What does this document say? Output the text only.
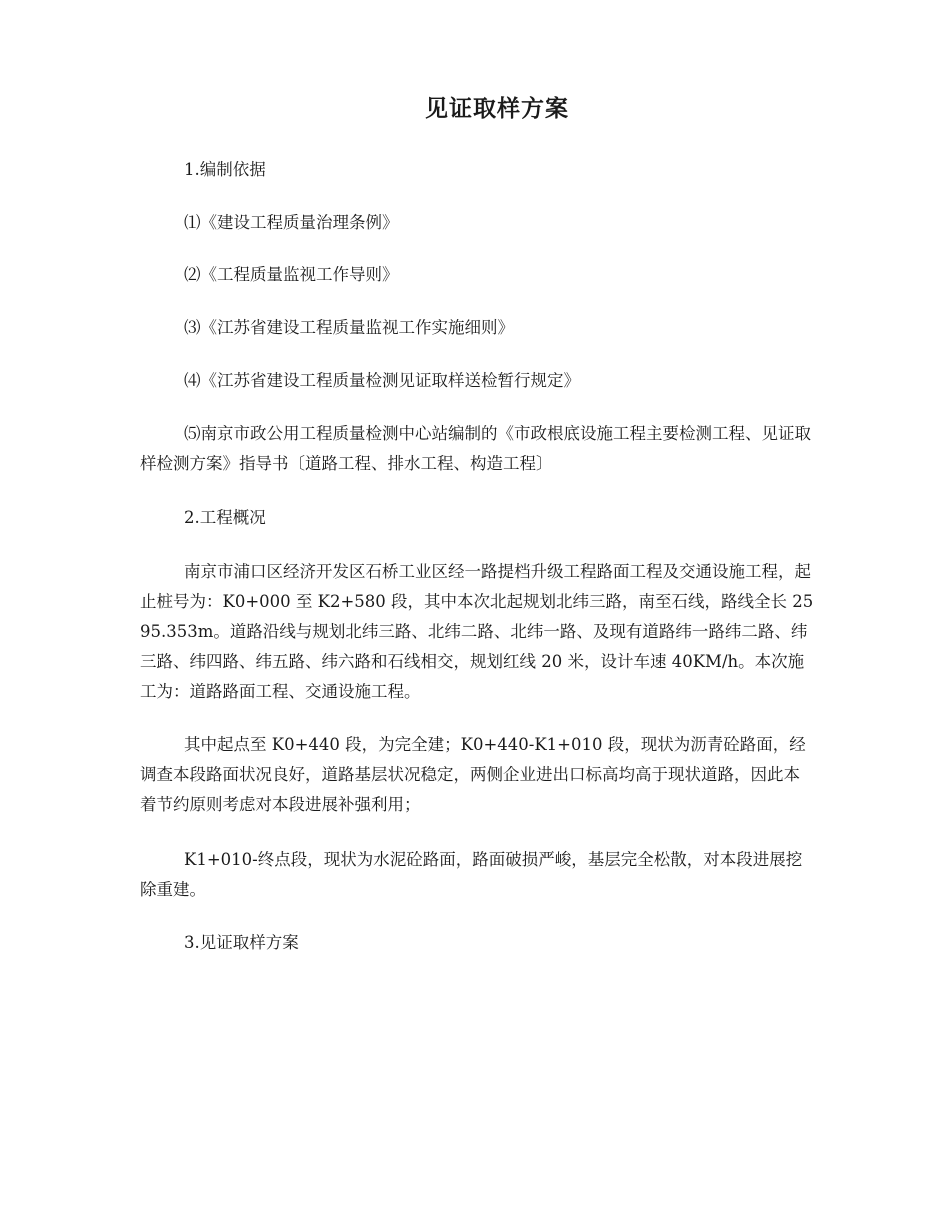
见证取样方案

1.编制依据

⑴《建设工程质量治理条例》

⑵《工程质量监视工作导则》

⑶《江苏省建设工程质量监视工作实施细则》

⑷《江苏省建设工程质量检测见证取样送检暂行规定》

⑸南京市政公用工程质量检测中心站编制的《市政根底设施工程主要检测工程、见证取样检测方案》指导书〔道路工程、排水工程、构造工程〕

2.工程概况

南京市浦口区经济开发区石桥工业区经一路提档升级工程路面工程及交通设施工程，起止桩号为：K0+000 至 K2+580 段，其中本次北起规划北纬三路，南至石线，路线全长 2595.353m。道路沿线与规划北纬三路、北纬二路、北纬一路、及现有道路纬一路纬二路、纬三路、纬四路、纬五路、纬六路和石线相交，规划红线 20 米，设计车速 40KM/h。本次施工为：道路路面工程、交通设施工程。

其中起点至 K0+440 段，为完全建；K0+440-K1+010 段，现状为沥青砼路面，经调查本段路面状况良好，道路基层状况稳定，两侧企业进出口标高均高于现状道路，因此本着节约原则考虑对本段进展补强利用；

K1+010-终点段，现状为水泥砼路面，路面破损严峻，基层完全松散，对本段进展挖除重建。

3.见证取样方案
